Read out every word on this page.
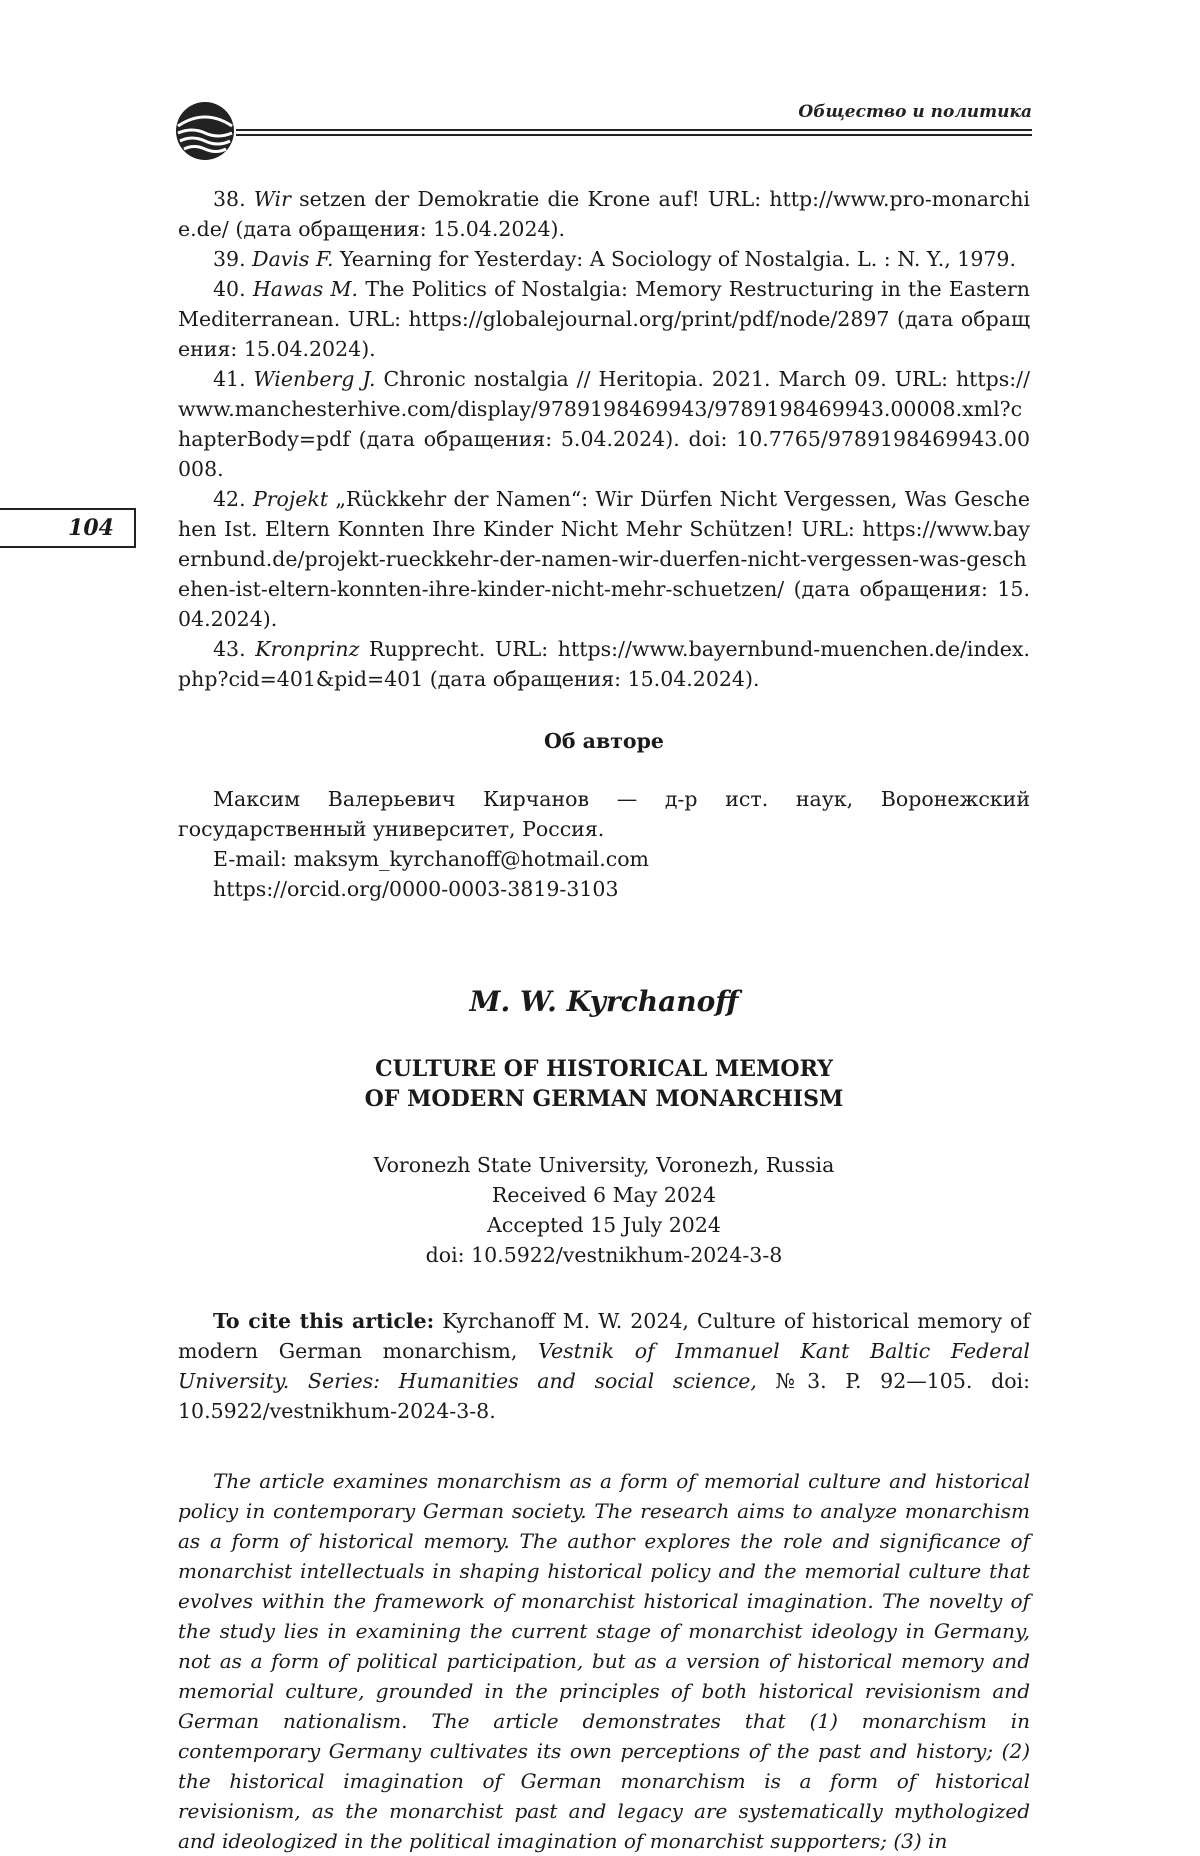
Общество и политика
104

38. Wir setzen der Demokratie die Krone auf! URL: http://www.pro-monarchie.de/ (дата обращения: 15.04.2024).

39. Davis F. Yearning for Yesterday: A Sociology of Nostalgia. L. : N. Y., 1979.

40. Hawas M. The Politics of Nostalgia: Memory Restructuring in the Eastern Mediterranean. URL: https://globalejournal.org/print/pdf/node/2897 (дата обращения: 15.04.2024).

41. Wienberg J. Chronic nostalgia // Heritopia. 2021. March 09. URL: https://www.manchesterhive.com/display/9789198469943/9789198469943.00008.xml?chapterBody=pdf (дата обращения: 5.04.2024). doi: 10.7765/9789198469943.00008.

42. Projekt „Rückkehr der Namen“: Wir Dürfen Nicht Vergessen, Was Geschehen Ist. Eltern Konnten Ihre Kinder Nicht Mehr Schützen! URL: https://www.bayernbund.de/projekt-rueckkehr-der-namen-wir-duerfen-nicht-vergessen-was-geschehen-ist-eltern-konnten-ihre-kinder-nicht-mehr-schuetzen/ (дата обращения: 15.04.2024).

43. Kronprinz Rupprecht. URL: https://www.bayernbund-muenchen.de/index.php?cid=401&pid=401 (дата обращения: 15.04.2024).

Об авторе

Максим Валерьевич Кирчанов — д-р ист. наук, Воронежский государственный университет, Россия.

E-mail: maksym_kyrchanoff@hotmail.com

https://orcid.org/0000-0003-3819-3103

M. W. Kyrchanoff
CULTURE OF HISTORICAL MEMORY
OF MODERN GERMAN MONARCHISM
Voronezh State University, Voronezh, Russia
Received 6 May 2024
Accepted 15 July 2024
doi: 10.5922/vestnikhum-2024-3-8
To cite this article: Kyrchanoff M. W. 2024, Culture of historical memory of modern German monarchism, Vestnik of Immanuel Kant Baltic Federal University. Series: Humanities and social science, №3. P. 92—105. doi: 10.5922/vestnikhum-2024-3-8.
The article examines monarchism as a form of memorial culture and historical policy in contemporary German society. The research aims to analyze monarchism as a form of historical memory. The author explores the role and significance of monarchist intellectuals in shaping historical policy and the memorial culture that evolves within the framework of monarchist historical imagination. The novelty of the study lies in examining the current stage of monarchist ideology in Germany, not as a form of political participation, but as a version of historical memory and memorial culture, grounded in the principles of both historical revisionism and German nationalism. The article demonstrates that (1) monarchism in contemporary Germany cultivates its own perceptions of the past and history; (2) the historical imagination of German monarchism is a form of historical revisionism, as the monarchist past and legacy are systematically mythologized and ideologized in the political imagination of monarchist supporters; (3) in
